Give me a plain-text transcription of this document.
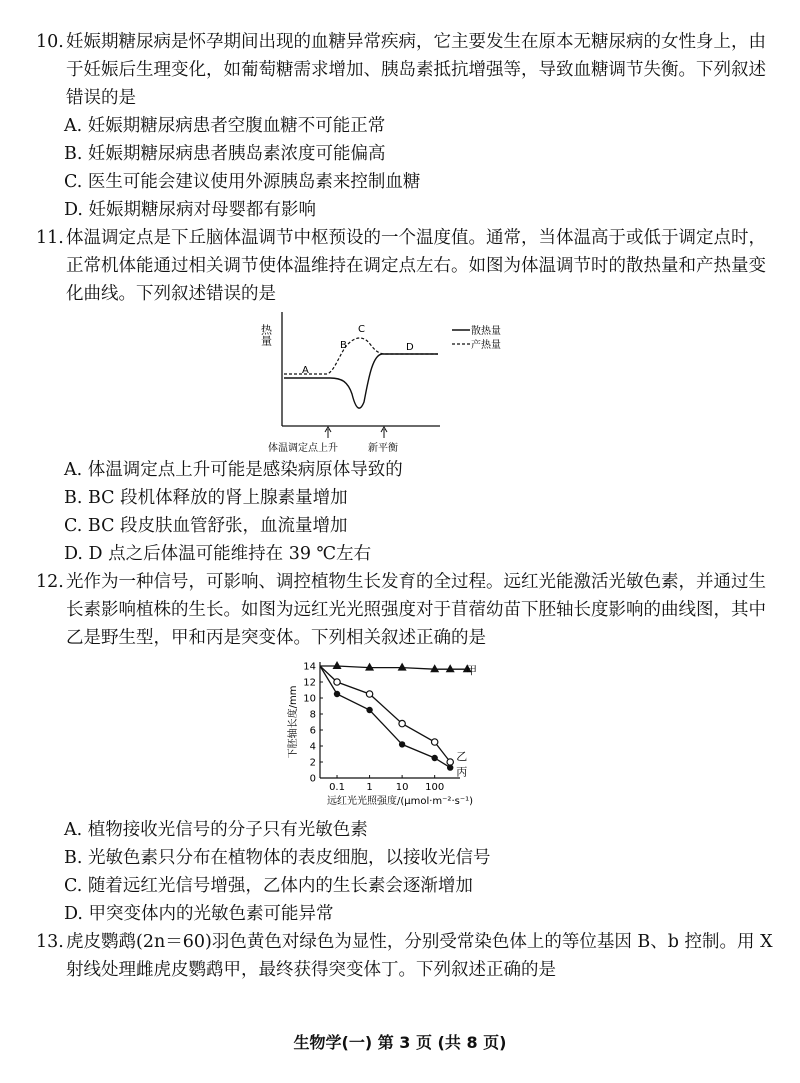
10. 妊娠期糖尿病是怀孕期间出现的血糖异常疾病，它主要发生在原本无糖尿病的女性身上，由于妊娠后生理变化，如葡萄糖需求增加、胰岛素抵抗增强等，导致血糖调节失衡。下列叙述错误的是
A. 妊娠期糖尿病患者空腹血糖不可能正常
B. 妊娠期糖尿病患者胰岛素浓度可能偏高
C. 医生可能会建议使用外源胰岛素来控制血糖
D. 妊娠期糖尿病对母婴都有影响
11. 体温调定点是下丘脑体温调节中枢预设的一个温度值。通常，当体温高于或低于调定点时，正常机体能通过相关调节使体温维持在调定点左右。如图为体温调节时的散热量和产热量变化曲线。下列叙述错误的是
热量
A
B
C
D
散热量
产热量
体温调定点上升	新平衡
A. 体温调定点上升可能是感染病原体导致的
B. BC 段机体释放的肾上腺素量增加
C. BC 段皮肤血管舒张，血流量增加
D. D 点之后体温可能维持在 39 ℃左右
12. 光作为一种信号，可影响、调控植物生长发育的全过程。远红光能激活光敏色素，并通过生长素影响植株的生长。如图为远红光光照强度对于苜蓿幼苗下胚轴长度影响的曲线图，其中乙是野生型，甲和丙是突变体。下列相关叙述正确的是
0
2
4
6
8
10
12
14
0.1 1 10 100
下胚轴长度/mm
远红光光照强度/(μmol·m⁻²·s⁻¹)
甲
乙
丙
A. 植物接收光信号的分子只有光敏色素
B. 光敏色素只分布在植物体的表皮细胞，以接收光信号
C. 随着远红光信号增强，乙体内的生长素会逐渐增加
D. 甲突变体内的光敏色素可能异常
13. 虎皮鹦鹉(2n＝60)羽色黄色对绿色为显性，分别受常染色体上的等位基因 B、b 控制。用 X 射线处理雌虎皮鹦鹉甲，最终获得突变体丁。下列叙述正确的是
生物学(一) 第 3 页 (共 8 页)
